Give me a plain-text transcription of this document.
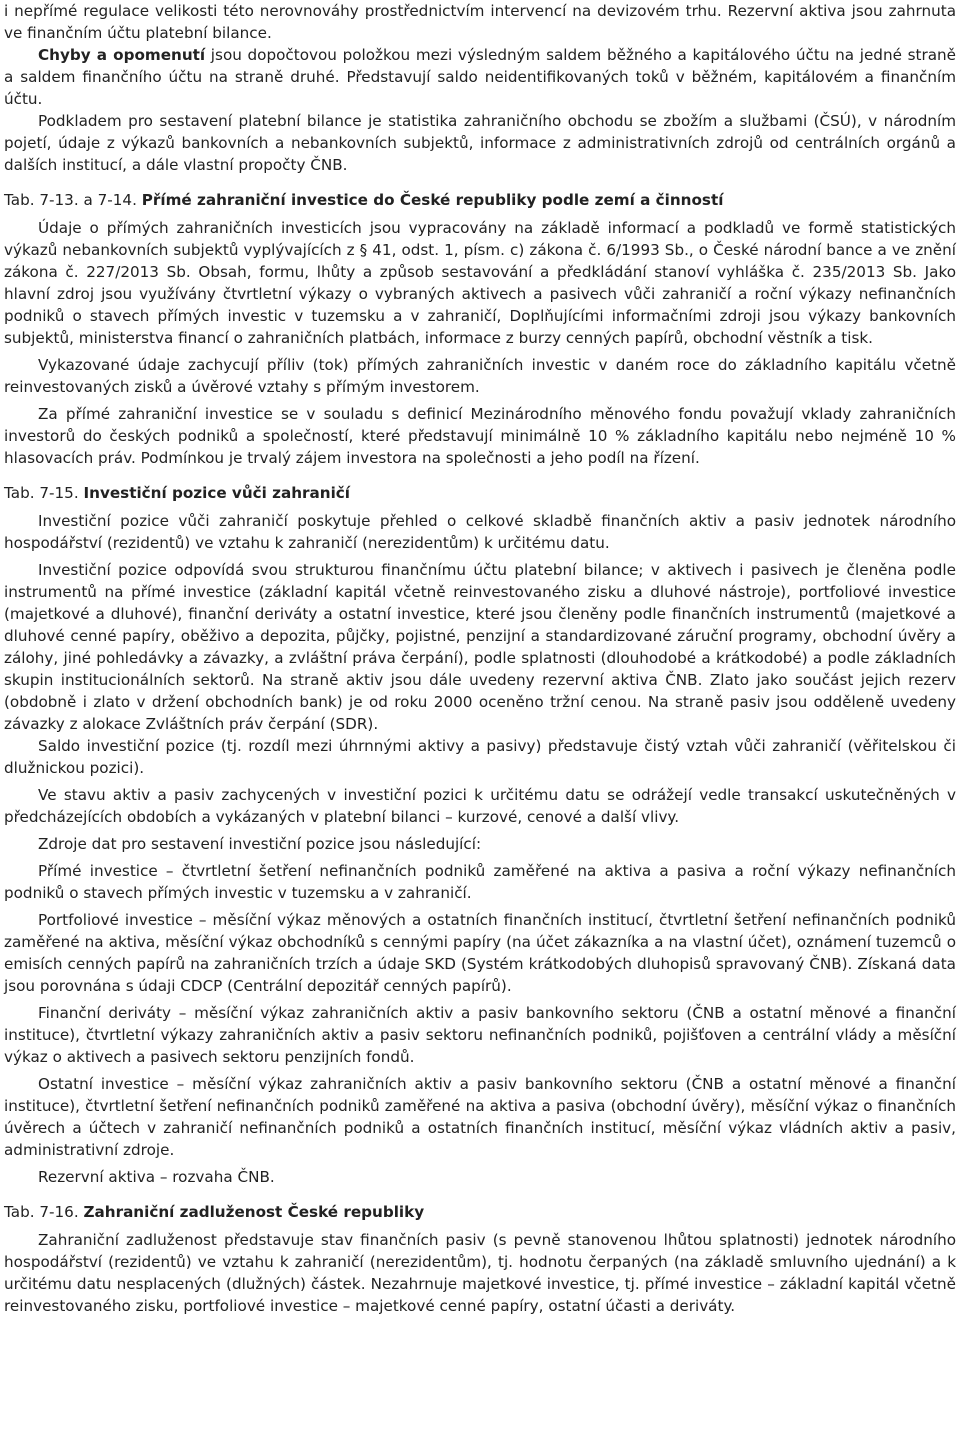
i nepřímé regulace velikosti této nerovnováhy prostřednictvím intervencí na devizovém trhu. Rezervní aktiva jsou zahrnuta ve finančním účtu platební bilance.

Chyby a opomenutí jsou dopočtovou položkou mezi výsledným saldem běžného a kapitálového účtu na jedné straně a saldem finančního účtu na straně druhé. Představují saldo neidentifikovaných toků v běžném, kapitálovém a finančním účtu.

Podkladem pro sestavení platební bilance je statistika zahraničního obchodu se zbožím a službami (ČSÚ), v národním pojetí, údaje z výkazů bankovních a nebankovních subjektů, informace z administrativních zdrojů od centrálních orgánů a dalších institucí, a dále vlastní propočty ČNB.

Tab. 7-13. a 7-14. Přímé zahraniční investice do České republiky podle zemí a činností

Údaje o přímých zahraničních investicích jsou vypracovány na základě informací a podkladů ve formě statistických výkazů nebankovních subjektů vyplývajících z § 41, odst. 1, písm. c) zákona č. 6/1993 Sb., o České národní bance a ve znění zákona č. 227/2013 Sb. Obsah, formu, lhůty a způsob sestavování a předkládání stanoví vyhláška č. 235/2013 Sb. Jako hlavní zdroj jsou využívány čtvrtletní výkazy o vybraných aktivech a pasivech vůči zahraničí a roční výkazy nefinančních podniků o stavech přímých investic v tuzemsku a v zahraničí, Doplňujícími informačními zdroji jsou výkazy bankovních subjektů, ministerstva financí o zahraničních platbách, informace z burzy cenných papírů, obchodní věstník a tisk.

Vykazované údaje zachycují příliv (tok) přímých zahraničních investic v daném roce do základního kapitálu včetně reinvestovaných zisků a úvěrové vztahy s přímým investorem.

Za přímé zahraniční investice se v souladu s definicí Mezinárodního měnového fondu považují vklady zahraničních investorů do českých podniků a společností, které představují minimálně 10 % základního kapitálu nebo nejméně 10 % hlasovacích práv. Podmínkou je trvalý zájem investora na společnosti a jeho podíl na řízení.

Tab. 7-15. Investiční pozice vůči zahraničí

Investiční pozice vůči zahraničí poskytuje přehled o celkové skladbě finančních aktiv a pasiv jednotek národního hospodářství (rezidentů) ve vztahu k zahraničí (nerezidentům) k určitému datu.

Investiční pozice odpovídá svou strukturou finančnímu účtu platební bilance; v aktivech i pasivech je členěna podle instrumentů na přímé investice (základní kapitál včetně reinvestovaného zisku a dluhové nástroje), portfoliové investice (majetkové a dluhové), finanční deriváty a ostatní investice, které jsou členěny podle finančních instrumentů (majetkové a dluhové cenné papíry, oběživo a depozita, půjčky, pojistné, penzijní a standardizované záruční programy, obchodní úvěry a zálohy, jiné pohledávky a závazky, a zvláštní práva čerpání), podle splatnosti (dlouhodobé a krátkodobé) a podle základních skupin institucionálních sektorů. Na straně aktiv jsou dále uvedeny rezervní aktiva ČNB. Zlato jako součást jejich rezerv (obdobně i zlato v držení obchodních bank) je od roku 2000 oceněno tržní cenou. Na straně pasiv jsou odděleně uvedeny závazky z alokace Zvláštních práv čerpání (SDR).

Saldo investiční pozice (tj. rozdíl mezi úhrnnými aktivy a pasivy) představuje čistý vztah vůči zahraničí (věřitelskou či dlužnickou pozici).

Ve stavu aktiv a pasiv zachycených v investiční pozici k určitému datu se odrážejí vedle transakcí uskutečněných v předcházejících obdobích a vykázaných v platební bilanci – kurzové, cenové a další vlivy.

Zdroje dat pro sestavení investiční pozice jsou následující:

Přímé investice – čtvrtletní šetření nefinančních podniků zaměřené na aktiva a pasiva a roční výkazy nefinančních podniků o stavech přímých investic v tuzemsku a v zahraničí.

Portfoliové investice – měsíční výkaz měnových a ostatních finančních institucí, čtvrtletní šetření nefinančních podniků zaměřené na aktiva, měsíční výkaz obchodníků s cennými papíry (na účet zákazníka a na vlastní účet), oznámení tuzemců o emisích cenných papírů na zahraničních trzích a údaje SKD (Systém krátkodobých dluhopisů spravovaný ČNB). Získaná data jsou porovnána s údaji CDCP (Centrální depozitář cenných papírů).

Finanční deriváty – měsíční výkaz zahraničních aktiv a pasiv bankovního sektoru (ČNB a ostatní měnové a finanční instituce), čtvrtletní výkazy zahraničních aktiv a pasiv sektoru nefinančních podniků, pojišťoven a centrální vlády a měsíční výkaz o aktivech a pasivech sektoru penzijních fondů.

Ostatní investice – měsíční výkaz zahraničních aktiv a pasiv bankovního sektoru (ČNB a ostatní měnové a finanční instituce), čtvrtletní šetření nefinančních podniků zaměřené na aktiva a pasiva (obchodní úvěry), měsíční výkaz o finančních úvěrech a účtech v zahraničí nefinančních podniků a ostatních finančních institucí, měsíční výkaz vládních aktiv a pasiv, administrativní zdroje.

Rezervní aktiva – rozvaha ČNB.

Tab. 7-16. Zahraniční zadluženost České republiky

Zahraniční zadluženost představuje stav finančních pasiv (s pevně stanovenou lhůtou splatnosti) jednotek národního hospodářství (rezidentů) ve vztahu k zahraničí (nerezidentům), tj. hodnotu čerpaných (na základě smluvního ujednání) a k určitému datu nesplacených (dlužných) částek. Nezahrnuje majetkové investice, tj. přímé investice – základní kapitál včetně reinvestovaného zisku, portfoliové investice – majetkové cenné papíry, ostatní účasti a deriváty.
